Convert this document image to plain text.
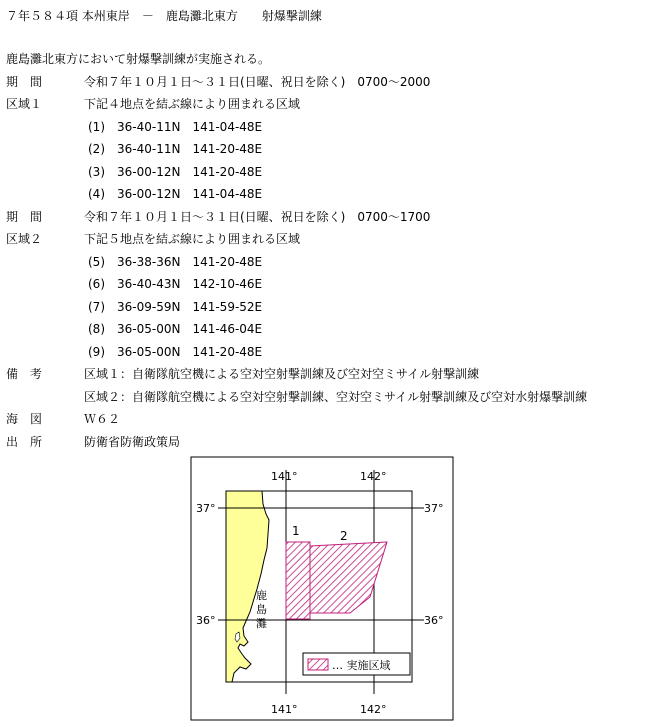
７年５８４項 本州東岸　－　鹿島灘北東方　　射爆撃訓練
鹿島灘北東方において射爆撃訓練が実施される。
期　間	令和７年１０月１日～３１日(日曜、祝日を除く)　0700～2000
区域１	下記４地点を結ぶ線により囲まれる区域
(1)　36-40-11N　141-04-48E
(2)　36-40-11N　141-20-48E
(3)　36-00-12N　141-20-48E
(4)　36-00-12N　141-04-48E
期　間	令和７年１０月１日～３１日(日曜、祝日を除く)　0700～1700
区域２	下記５地点を結ぶ線により囲まれる区域
(5)　36-38-36N　141-20-48E
(6)　36-40-43N　142-10-46E
(7)　36-09-59N　141-59-52E
(8)　36-05-00N　141-46-04E
(9)　36-05-00N　141-20-48E
備　考	区域１：自衛隊航空機による空対空射撃訓練及び空対空ミサイル射撃訓練
区域２：自衛隊航空機による空対空射撃訓練、空対空ミサイル射撃訓練及び空対水射爆撃訓練
海　図	Ｗ６２
出　所	防衛省防衛政策局
141°	142°
141°	142°
37°	37°
36°	36°
1	2
鹿
島
灘
… 実施区域
